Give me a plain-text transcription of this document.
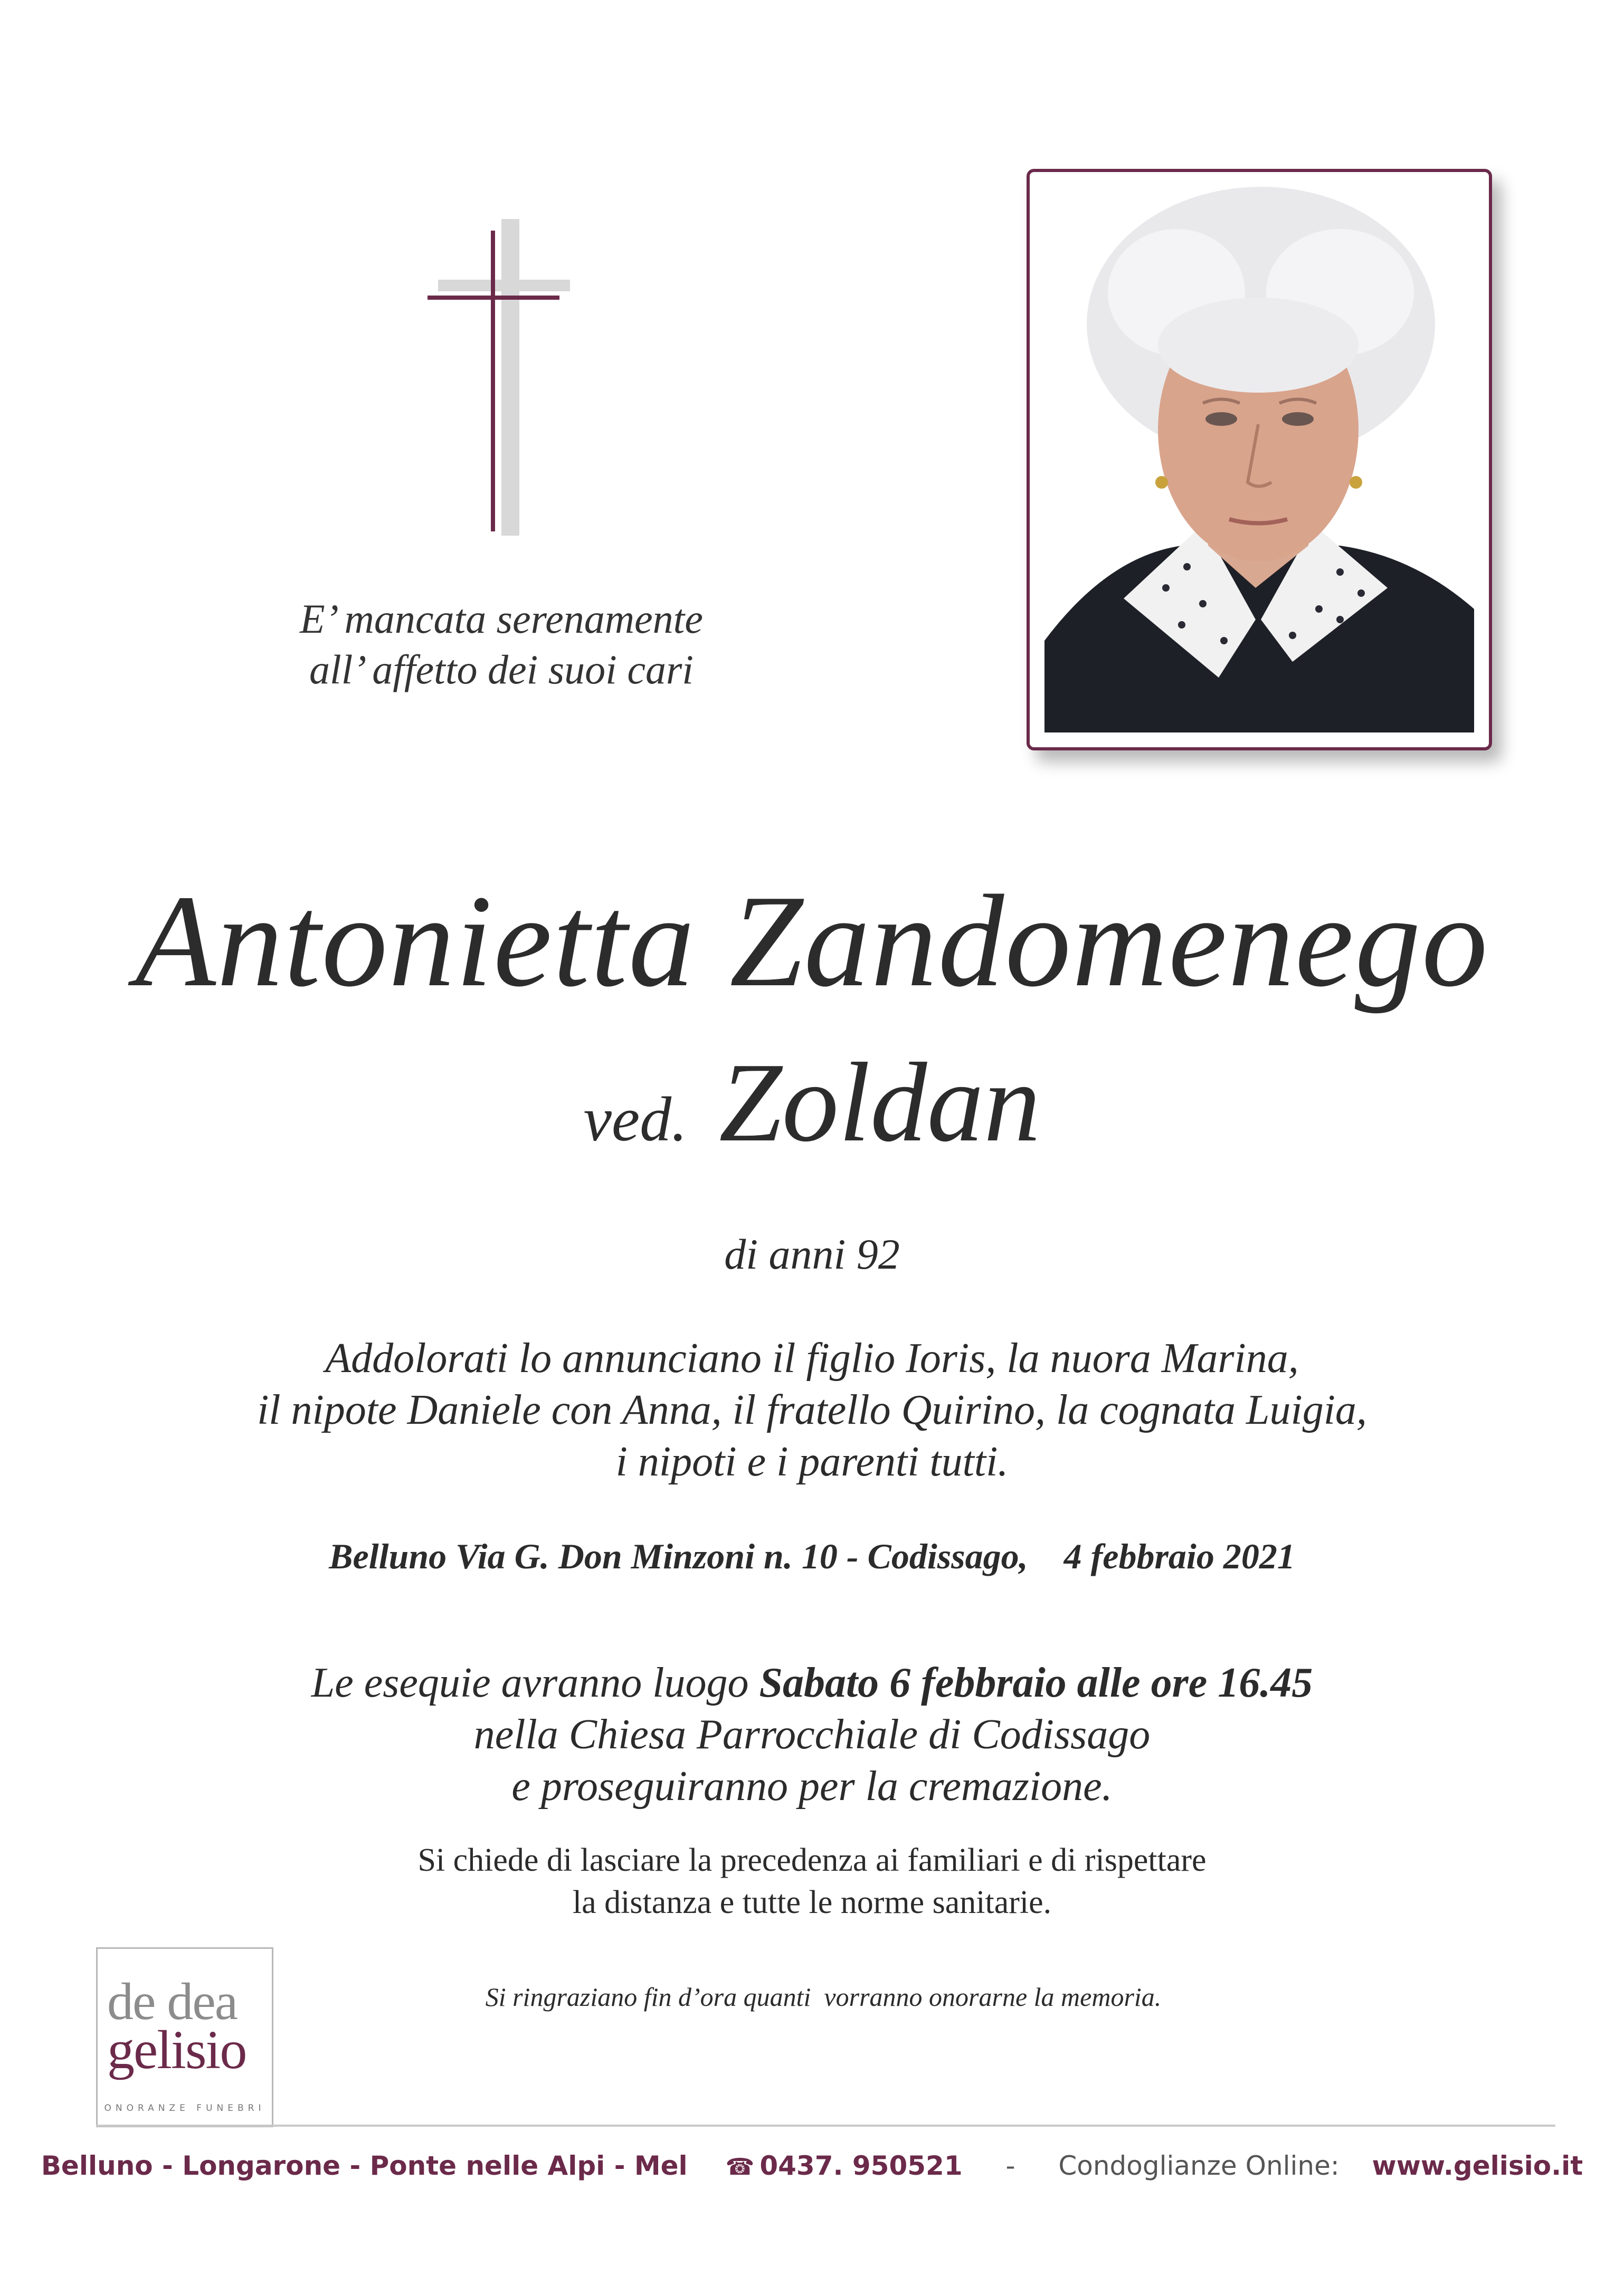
E’ mancata serenamente
all’ affetto dei suoi cari
Antonietta Zandomenego
ved. Zoldan
di anni 92
Addolorati lo annunciano il figlio Ioris, la nuora Marina,
il nipote Daniele con Anna, il fratello Quirino, la cognata Luigia,
i nipoti e i parenti tutti.
Belluno Via G. Don Minzoni n. 10 - Codissago,    4 febbraio 2021
Le esequie avranno luogo Sabato 6 febbraio alle ore 16.45
nella Chiesa Parrocchiale di Codissago
e proseguiranno per la cremazione.
Si chiede di lasciare la precedenza ai familiari e di rispettare
la distanza e tutte le norme sanitarie.
Si ringraziano fin d’ora quanti  vorranno onorarne la memoria.
de dea
gelisio
ONORANZE FUNEBRI
Belluno - Longarone - Ponte nelle Alpi - Mel ☎ 0437. 950521 - Condoglianze Online: www.gelisio.it
